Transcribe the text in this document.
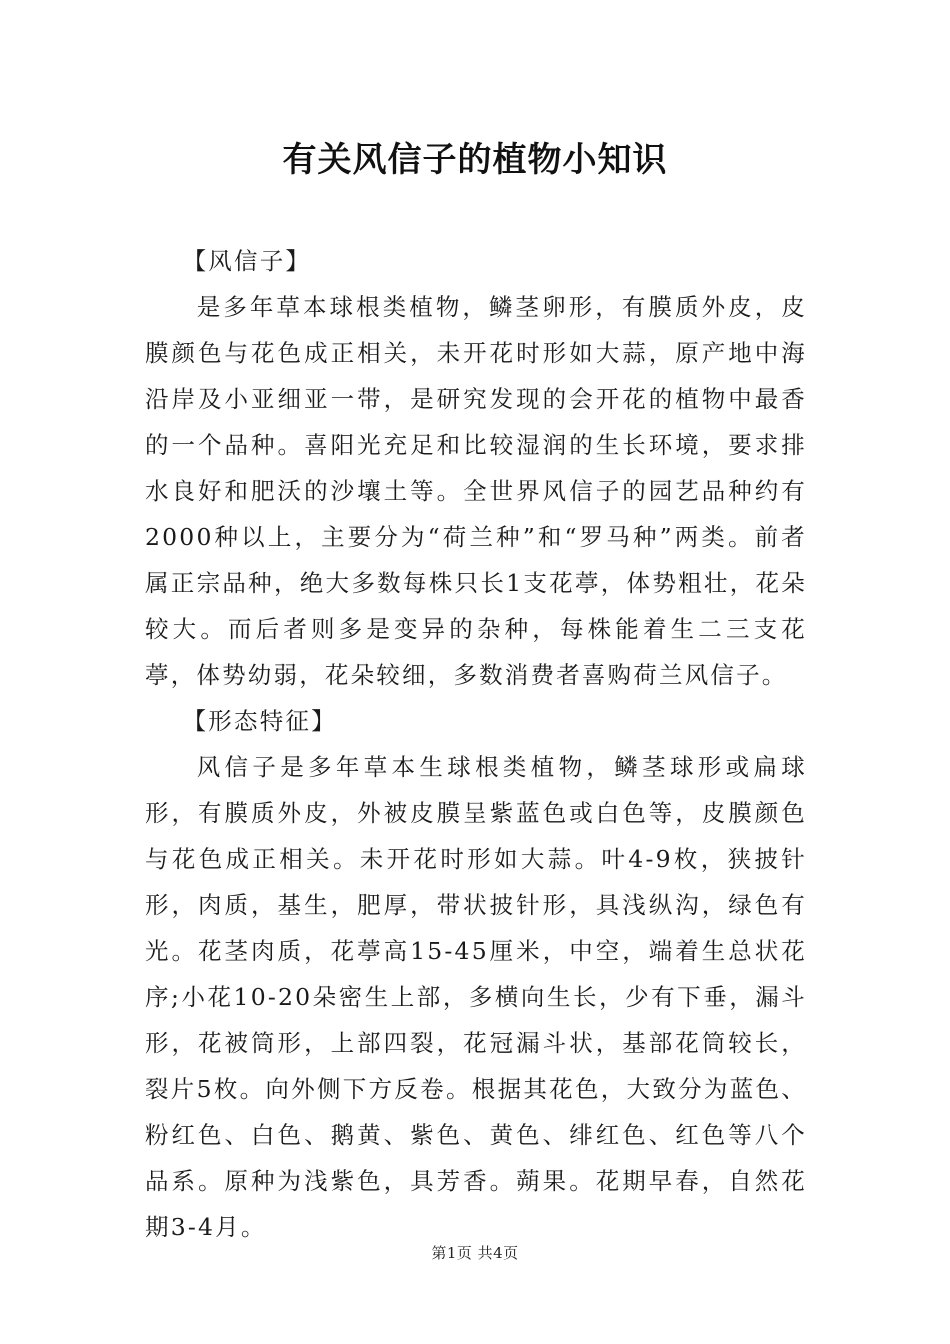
有关风信子的植物小知识

【风信子】

是多年草本球根类植物，鳞茎卵形，有膜质外皮，皮膜颜色与花色成正相关，未开花时形如大蒜，原产地中海沿岸及小亚细亚一带，是研究发现的会开花的植物中最香的一个品种。喜阳光充足和比较湿润的生长环境，要求排水良好和肥沃的沙壤土等。全世界风信子的园艺品种约有2000种以上，主要分为“荷兰种”和“罗马种”两类。前者属正宗品种，绝大多数每株只长1支花葶，体势粗壮，花朵较大。而后者则多是变异的杂种，每株能着生二三支花葶，体势幼弱，花朵较细，多数消费者喜购荷兰风信子。

【形态特征】

风信子是多年草本生球根类植物，鳞茎球形或扁球形，有膜质外皮，外被皮膜呈紫蓝色或白色等，皮膜颜色与花色成正相关。未开花时形如大蒜。叶4-9枚，狭披针形，肉质，基生，肥厚，带状披针形，具浅纵沟，绿色有光。花茎肉质，花葶高15-45厘米，中空，端着生总状花序;小花10-20朵密生上部，多横向生长，少有下垂，漏斗形，花被筒形，上部四裂，花冠漏斗状，基部花筒较长，裂片5枚。向外侧下方反卷。根据其花色，大致分为蓝色、粉红色、白色、鹅黄、紫色、黄色、绯红色、红色等八个品系。原种为浅紫色，具芳香。蒴果。花期早春，自然花期3-4月。

第1页 共4页
